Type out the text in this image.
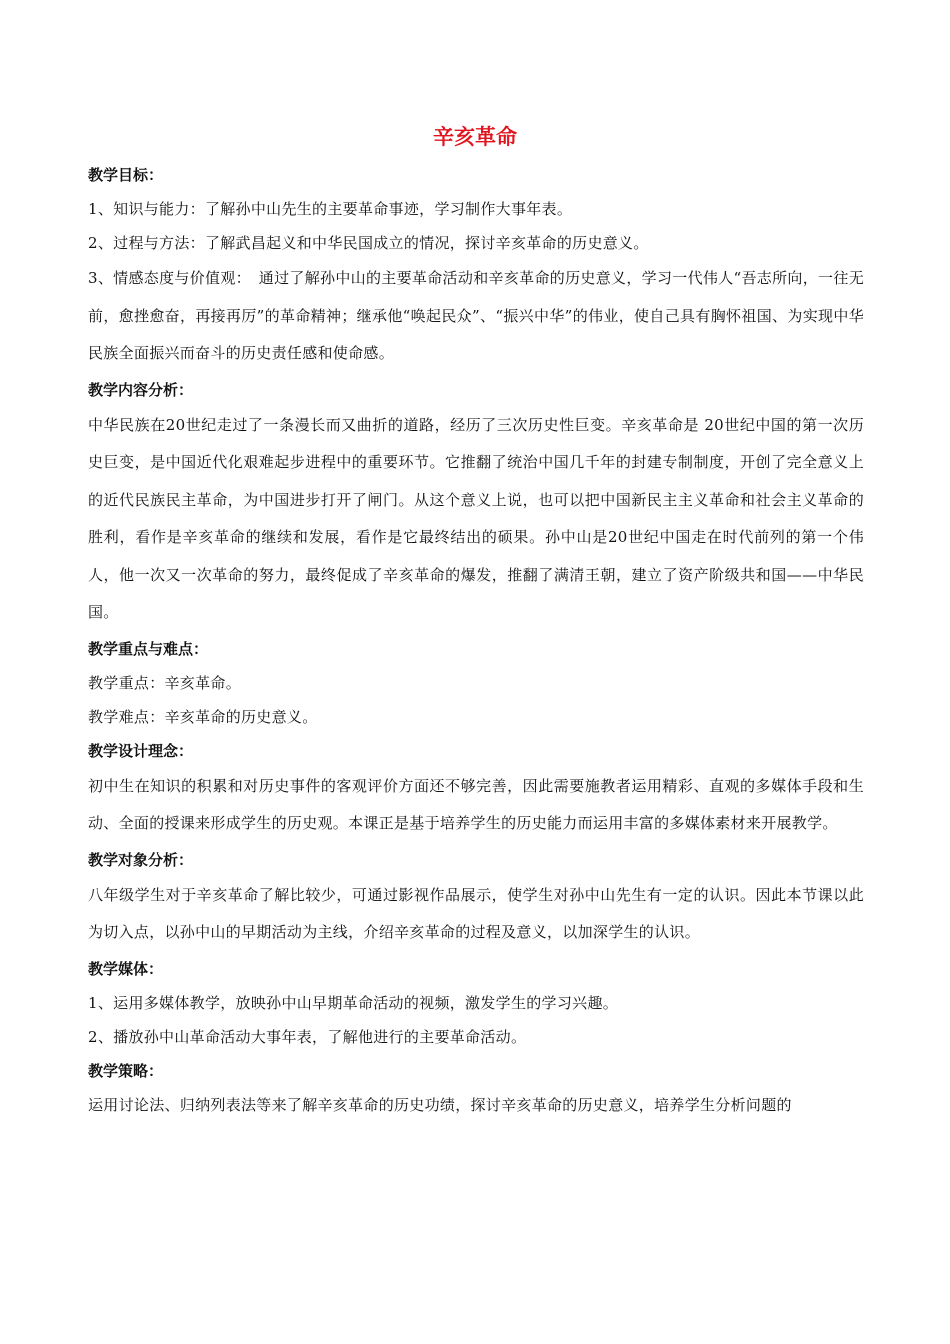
辛亥革命
教学目标：
1、知识与能力：了解孙中山先生的主要革命事迹，学习制作大事年表。
2、过程与方法：了解武昌起义和中华民国成立的情况，探讨辛亥革命的历史意义。
3、情感态度与价值观：　通过了解孙中山的主要革命活动和辛亥革命的历史意义，学习一代伟人“吾志所向，一往无前，愈挫愈奋，再接再厉”的革命精神；继承他“唤起民众”、“振兴中华”的伟业，使自己具有胸怀祖国、为实现中华民族全面振兴而奋斗的历史责任感和使命感。
教学内容分析：
中华民族在20世纪走过了一条漫长而又曲折的道路，经历了三次历史性巨变。辛亥革命是 20世纪中国的第一次历史巨变，是中国近代化艰难起步进程中的重要环节。它推翻了统治中国几千年的封建专制制度，开创了完全意义上的近代民族民主革命，为中国进步打开了闸门。从这个意义上说，也可以把中国新民主主义革命和社会主义革命的胜利，看作是辛亥革命的继续和发展，看作是它最终结出的硕果。孙中山是20世纪中国走在时代前列的第一个伟人，他一次又一次革命的努力，最终促成了辛亥革命的爆发，推翻了满清王朝，建立了资产阶级共和国——中华民国。
教学重点与难点：
教学重点：辛亥革命。
教学难点：辛亥革命的历史意义。
教学设计理念：
初中生在知识的积累和对历史事件的客观评价方面还不够完善，因此需要施教者运用精彩、直观的多媒体手段和生动、全面的授课来形成学生的历史观。本课正是基于培养学生的历史能力而运用丰富的多媒体素材来开展教学。
教学对象分析：
八年级学生对于辛亥革命了解比较少，可通过影视作品展示，使学生对孙中山先生有一定的认识。因此本节课以此为切入点，以孙中山的早期活动为主线，介绍辛亥革命的过程及意义，以加深学生的认识。
教学媒体：
1、运用多媒体教学，放映孙中山早期革命活动的视频，激发学生的学习兴趣。
2、播放孙中山革命活动大事年表，了解他进行的主要革命活动。
教学策略：
运用讨论法、归纳列表法等来了解辛亥革命的历史功绩，探讨辛亥革命的历史意义，培养学生分析问题的
